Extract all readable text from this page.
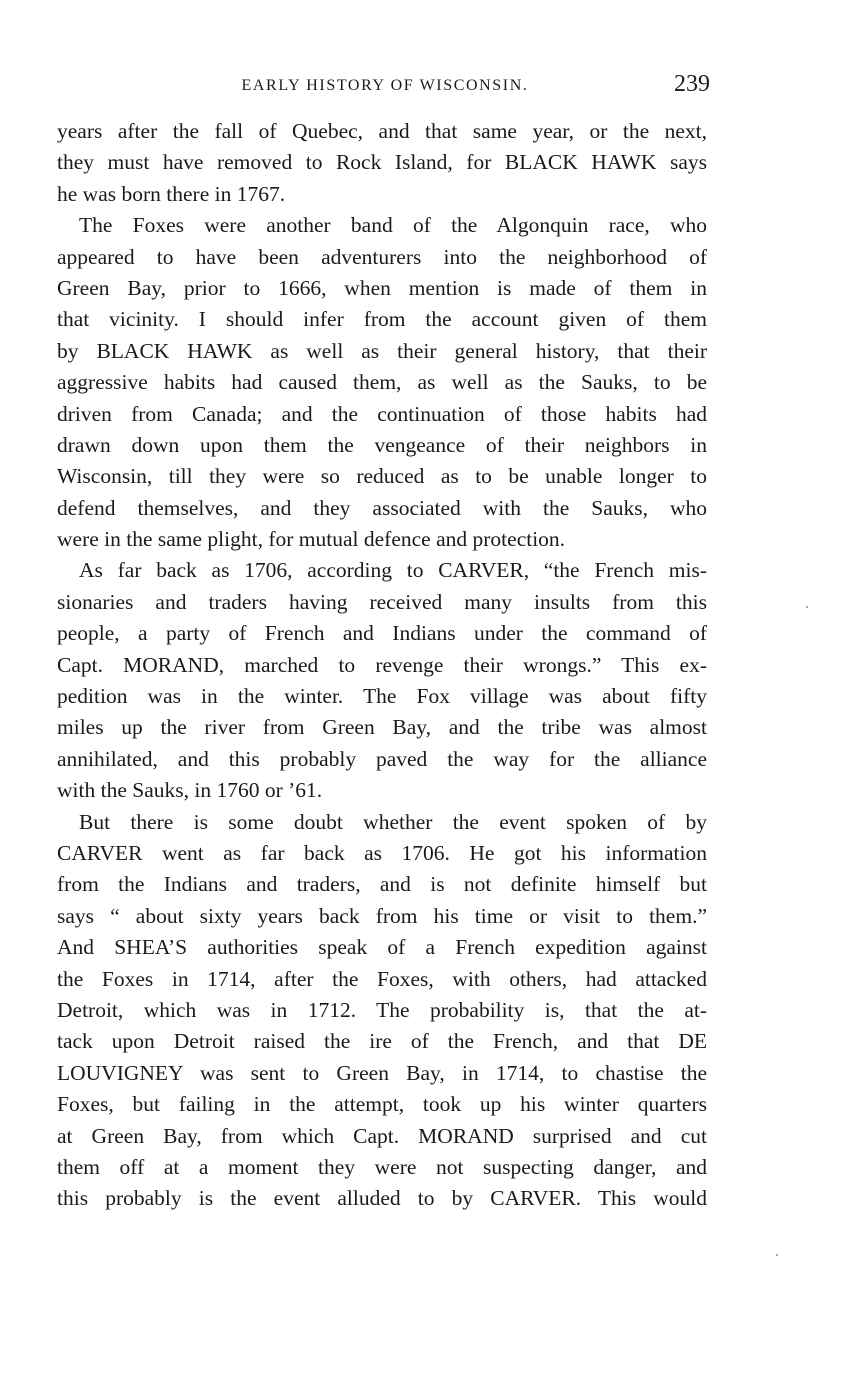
EARLY HISTORY OF WISCONSIN.	239
years after the fall of Quebec, and that same year, or the next,
they must have removed to Rock Island, for BLACK HAWK says
he was born there in 1767.
The Foxes were another band of the Algonquin race, who
appeared to have been adventurers into the neighborhood of
Green Bay, prior to 1666, when mention is made of them in
that vicinity. I should infer from the account given of them
by BLACK HAWK as well as their general history, that their
aggressive habits had caused them, as well as the Sauks, to be
driven from Canada; and the continuation of those habits had
drawn down upon them the vengeance of their neighbors in
Wisconsin, till they were so reduced as to be unable longer to
defend themselves, and they associated with the Sauks, who
were in the same plight, for mutual defence and protection.
As far back as 1706, according to CARVER, “the French mis-
sionaries and traders having received many insults from this
people, a party of French and Indians under the command of
Capt. MORAND, marched to revenge their wrongs.” This ex-
pedition was in the winter. The Fox village was about fifty
miles up the river from Green Bay, and the tribe was almost
annihilated, and this probably paved the way for the alliance
with the Sauks, in 1760 or ’61.
But there is some doubt whether the event spoken of by
CARVER went as far back as 1706. He got his information
from the Indians and traders, and is not definite himself but
says “ about sixty years back from his time or visit to them.”
And SHEA’S authorities speak of a French expedition against
the Foxes in 1714, after the Foxes, with others, had attacked
Detroit, which was in 1712. The probability is, that the at-
tack upon Detroit raised the ire of the French, and that DE
LOUVIGNEY was sent to Green Bay, in 1714, to chastise the
Foxes, but failing in the attempt, took up his winter quarters
at Green Bay, from which Capt. MORAND surprised and cut
them off at a moment they were not suspecting danger, and
this probably is the event alluded to by CARVER. This would
